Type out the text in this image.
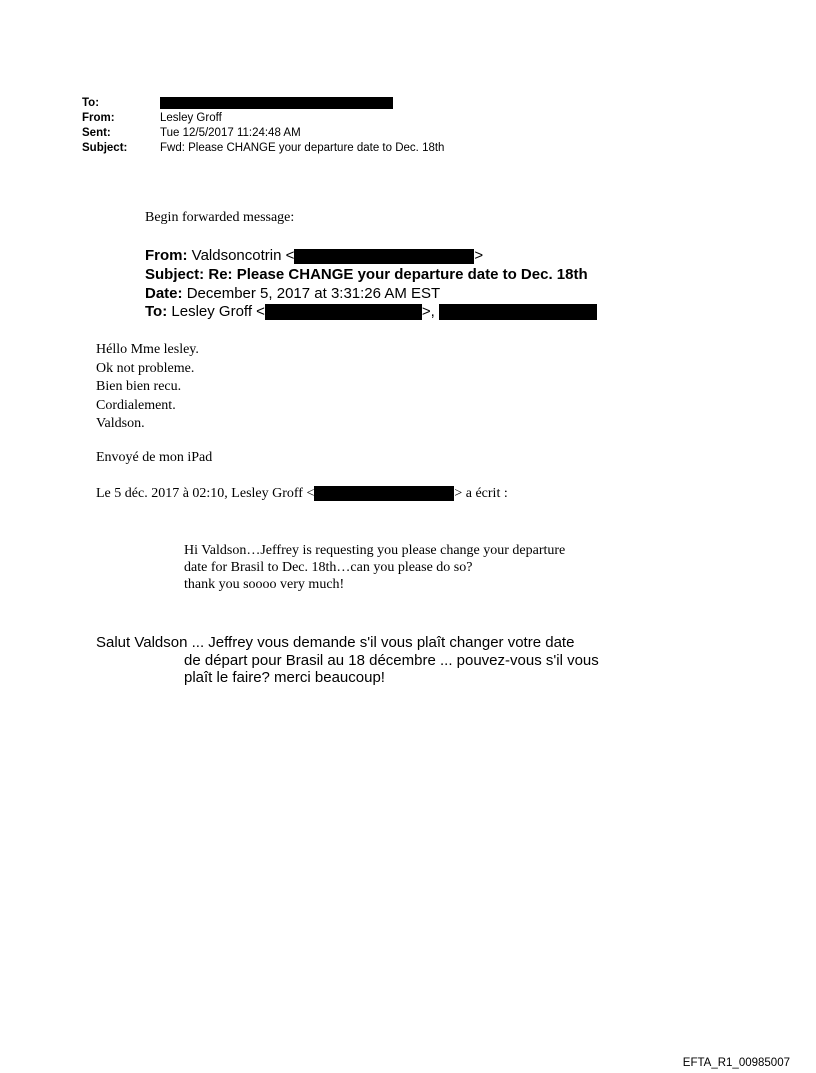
To:
From:	Lesley Groff
Sent:	Tue 12/5/2017 11:24:48 AM
Subject:	Fwd: Please CHANGE your departure date to Dec. 18th
Begin forwarded message:
From: Valdsoncotrin <	>
Subject: Re: Please CHANGE your departure date to Dec. 18th
Date: December 5, 2017 at 3:31:26 AM EST
To: Lesley Groff <	>,
Héllo Mme lesley.
Ok not probleme.
Bien bien recu.
Cordialement.
Valdson.
Envoyé de mon iPad
Le 5 déc. 2017 à 02:10, Lesley Groff <	> a écrit :
Hi Valdson…Jeffrey is requesting you please change your departure
date for Brasil to Dec. 18th…can you please do so?
thank you soooo very much!
Salut Valdson ... Jeffrey vous demande s'il vous plaît changer votre date
de départ pour Brasil au 18 décembre ... pouvez-vous s'il vous
plaît le faire? merci beaucoup!
EFTA_R1_00985007
